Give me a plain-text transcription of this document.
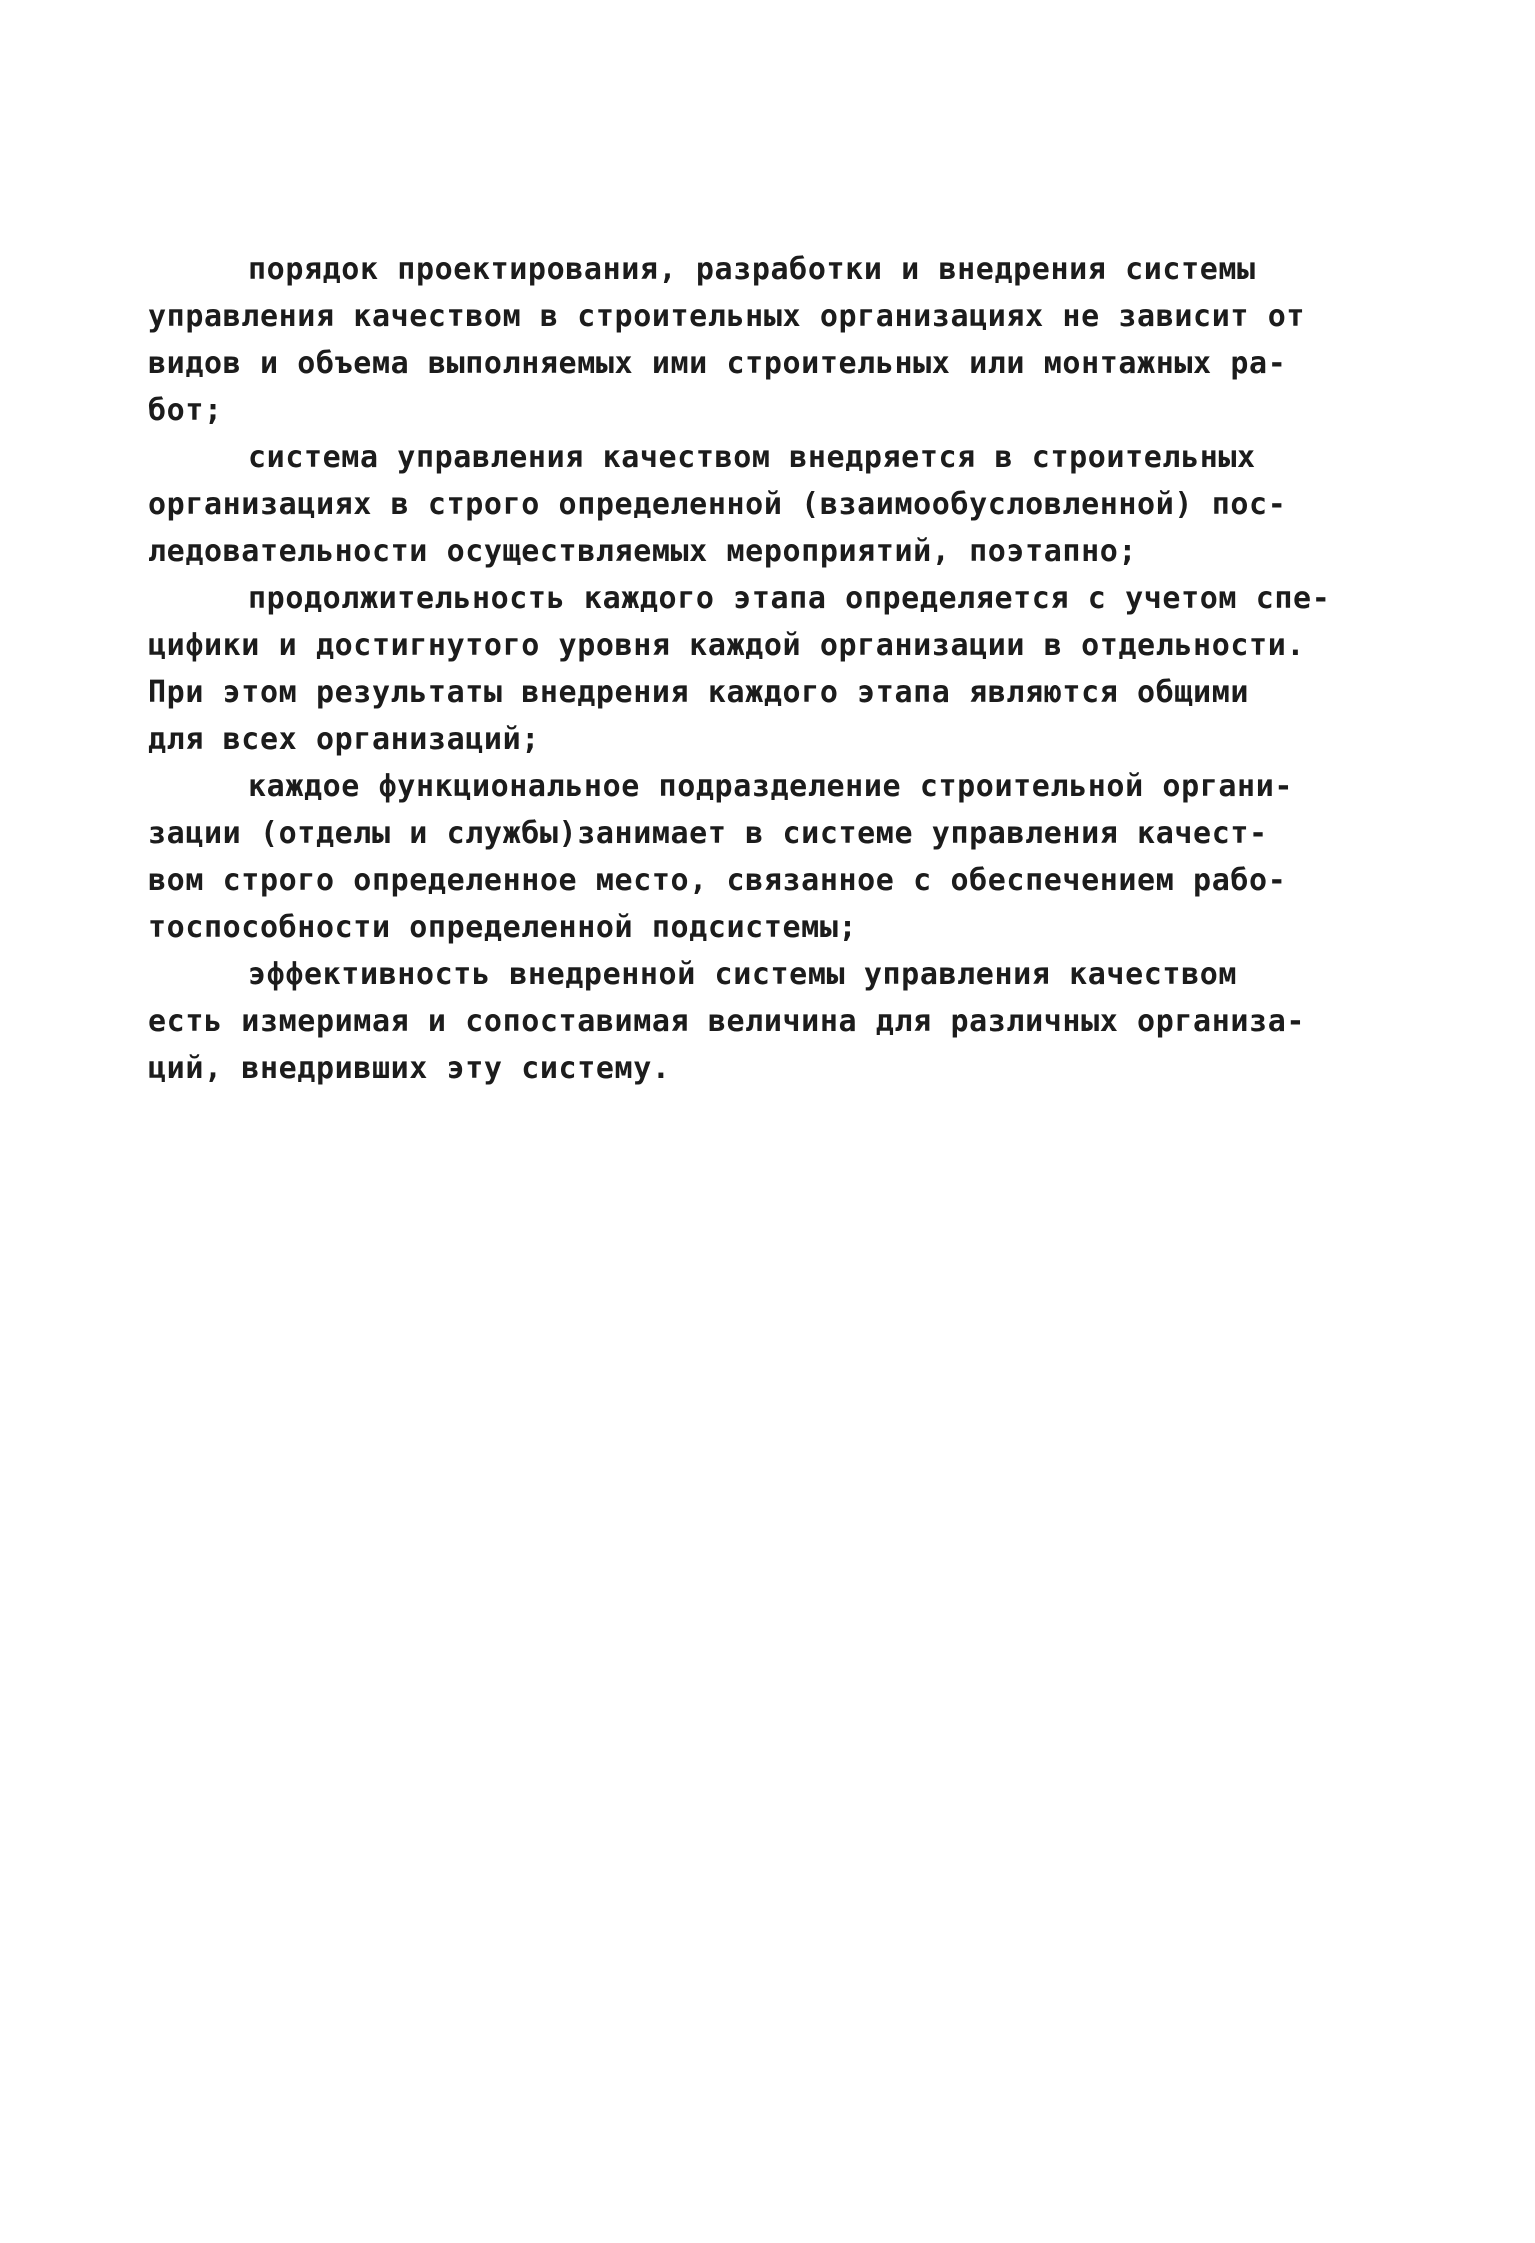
порядок проектирования, разработки и внедрения системы
управления качеством в строительных организациях не зависит от
видов и объема выполняемых ими строительных или монтажных ра-
бот;
система управления качеством внедряется в строительных
организациях в строго определенной (взаимообусловленной) пос-
ледовательности осуществляемых мероприятий, поэтапно;
продолжительность каждого этапа определяется с учетом спе-
цифики и достигнутого уровня каждой организации в отдельности.
При этом результаты внедрения каждого этапа являются общими
для всех организаций;
каждое функциональное подразделение строительной органи-
зации (отделы и службы)занимает в системе управления качест-
вом строго определенное место, связанное с обеспечением рабо-
тоспособности определенной подсистемы;
эффективность внедренной системы управления качеством
есть измеримая и сопоставимая величина для различных организа-
ций, внедривших эту систему.
